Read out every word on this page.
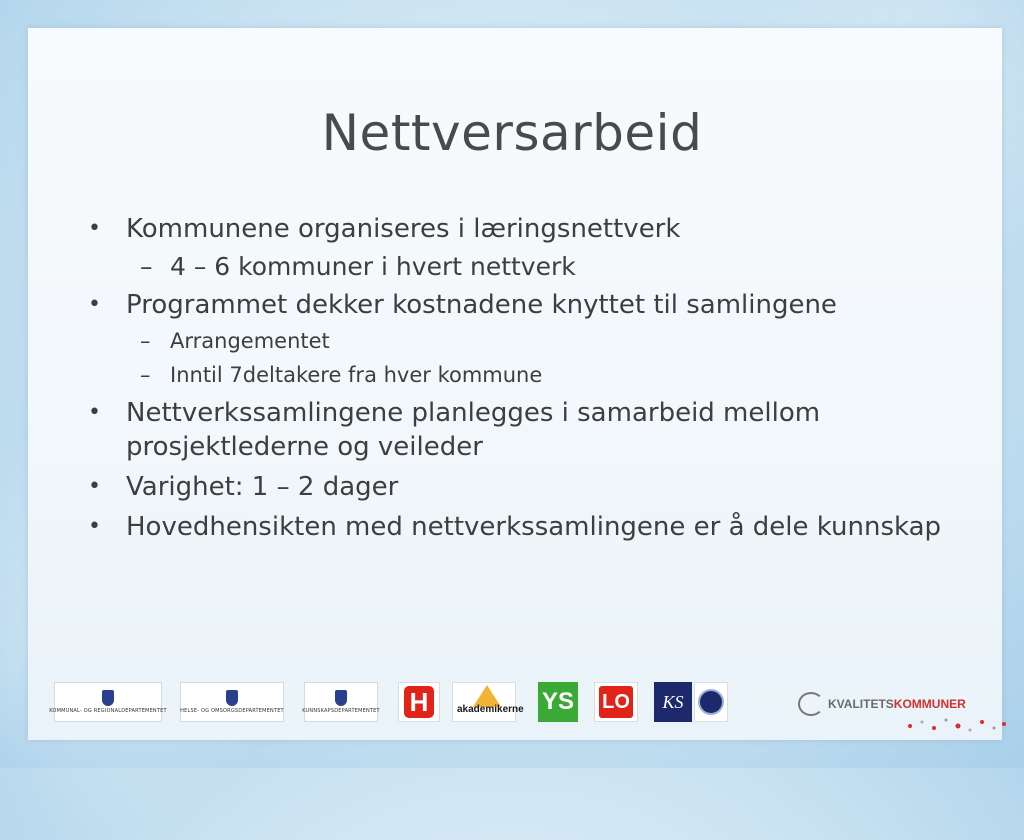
Nettversarbeid
• Kommunene organiseres i læringsnettverk
– 4 – 6 kommuner i hvert nettverk
• Programmet dekker kostnadene knyttet til samlingene
– Arrangementet
– Inntil 7deltakere fra hver kommune
• Nettverkssamlingene planlegges i samarbeid mellom prosjektlederne og veileder
• Varighet: 1 – 2 dager
• Hovedhensikten med nettverkssamlingene er å dele kunnskap
KOMMUNAL- OG REGIONALDEPARTEMENTET	HELSE- OG OMSORGSDEPARTEMENTET	KUNNSKAPSDEPARTEMENTET H	akademikerne YS LO KS	KVALITETS KOMMUNER
